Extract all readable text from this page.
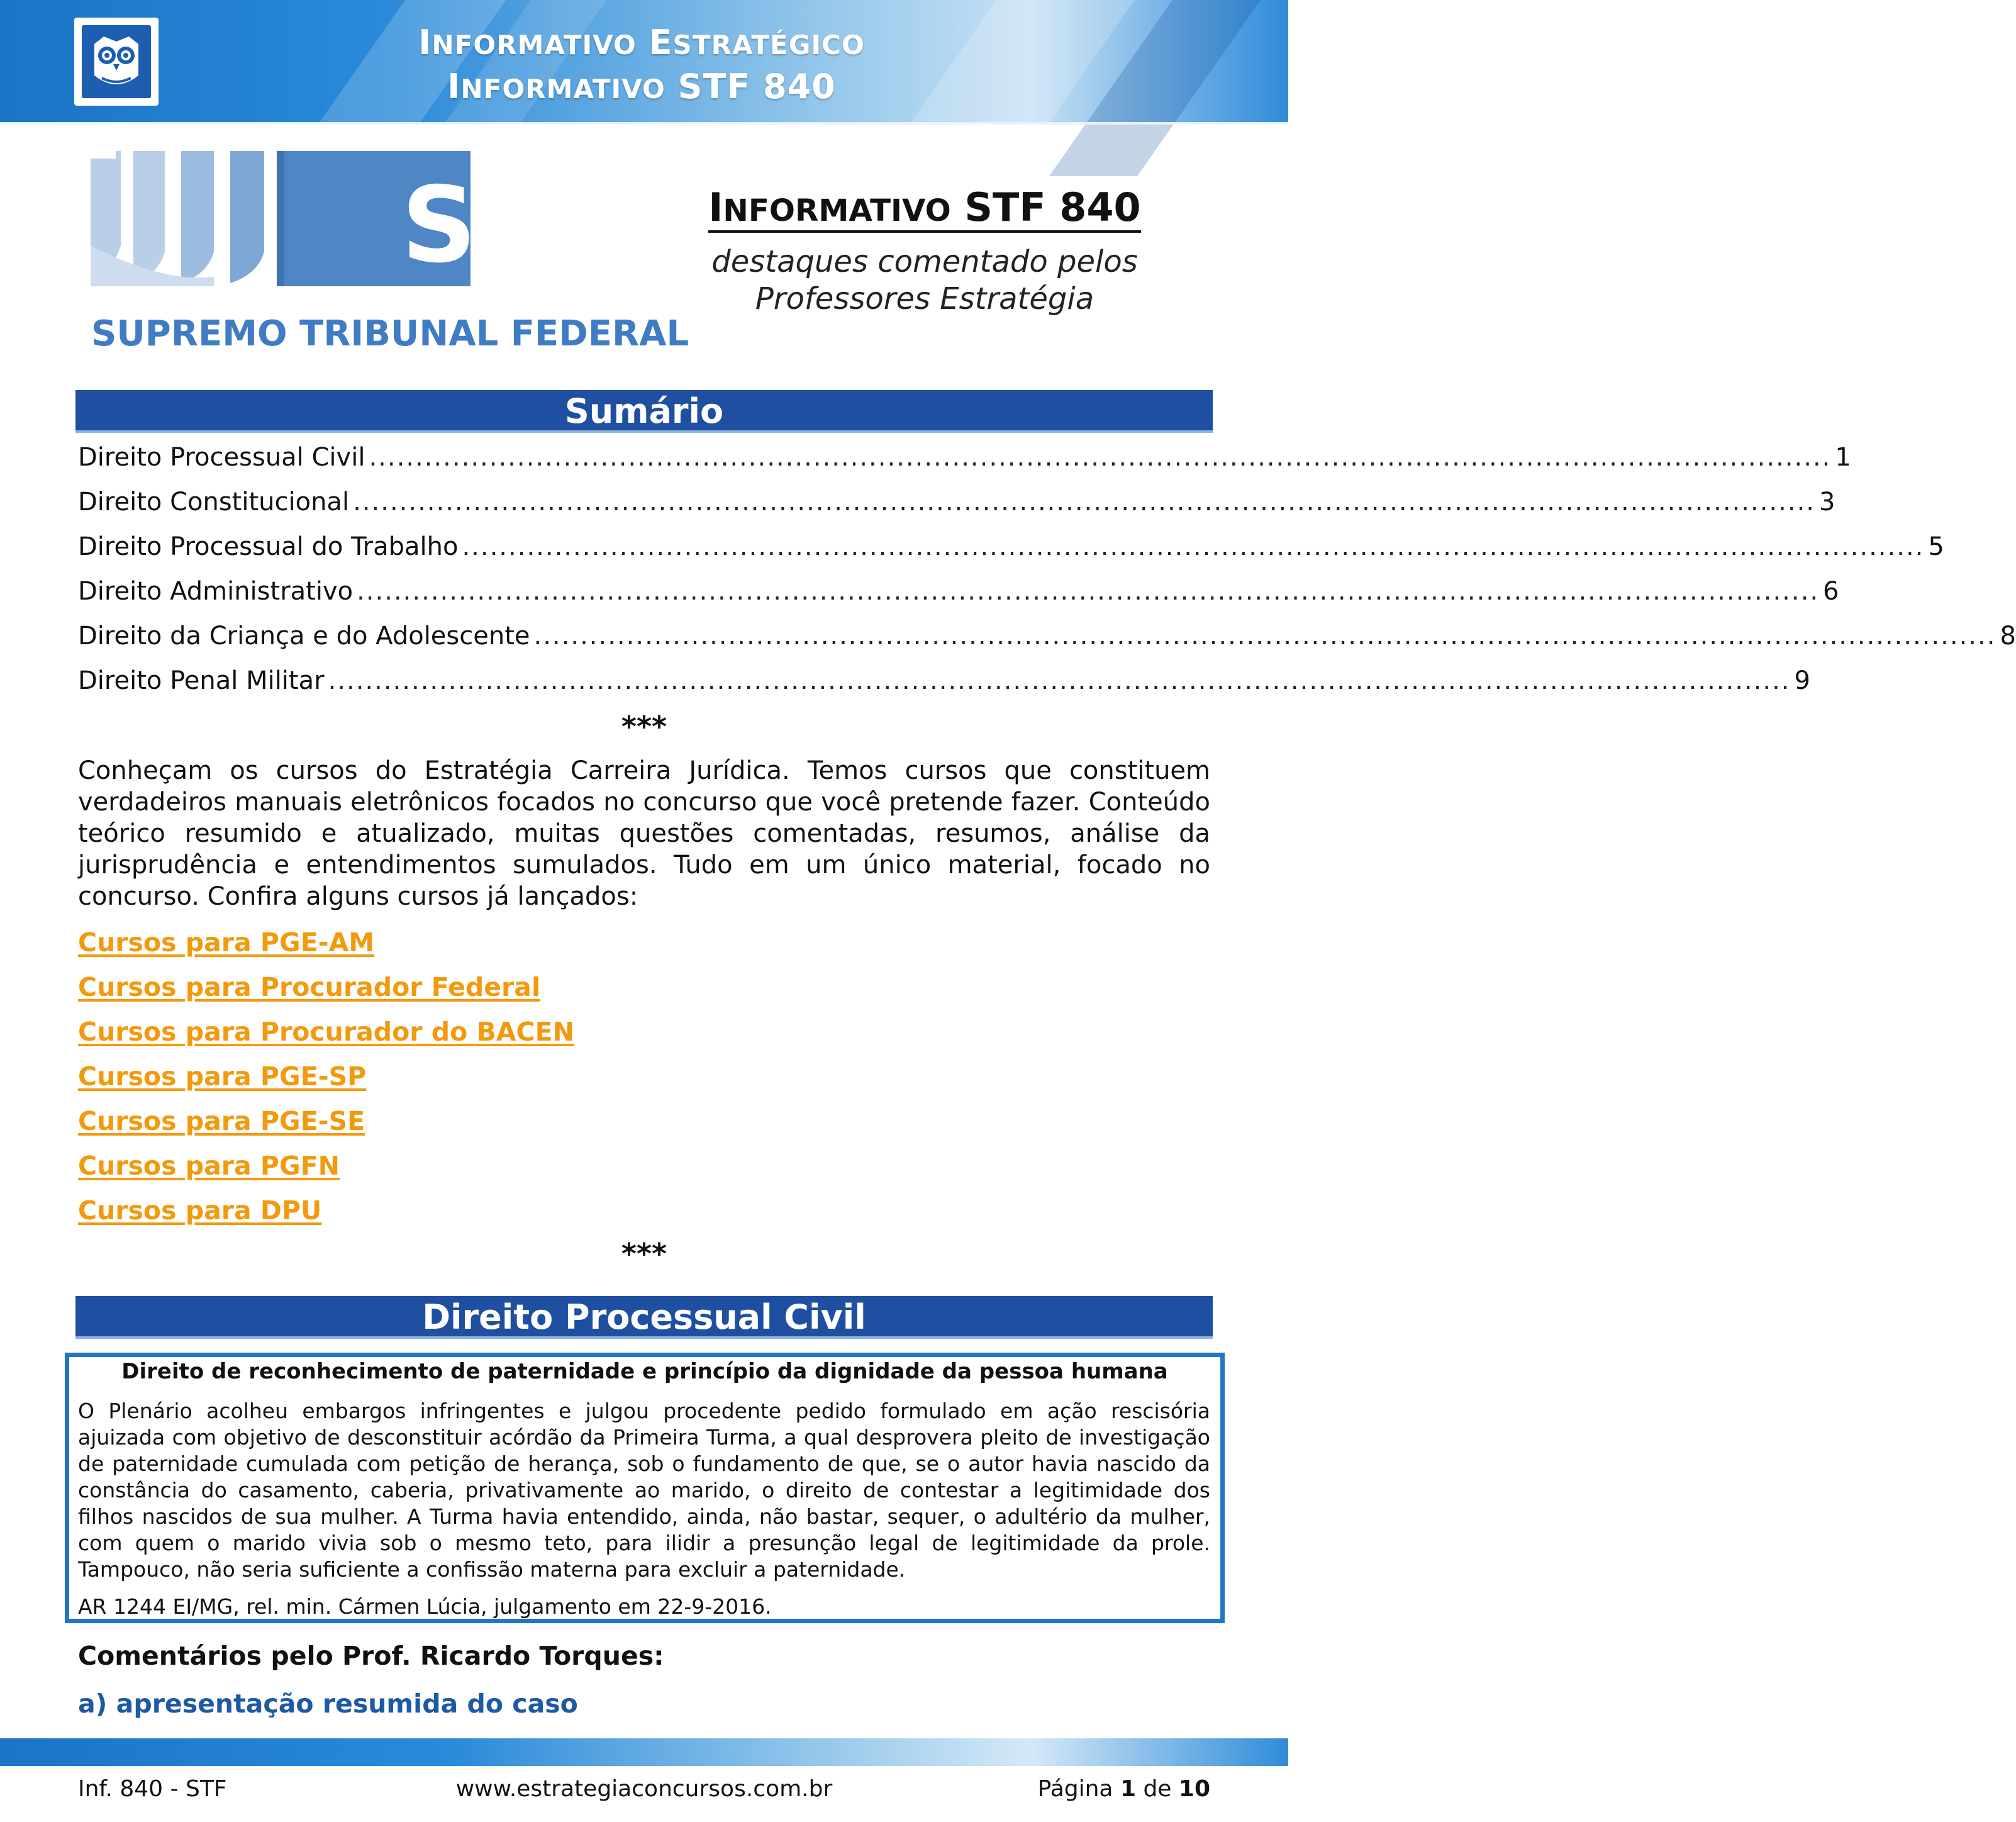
INFORMATIVO ESTRATÉGICO
INFORMATIVO STF 840
STF
SUPREMO TRIBUNAL FEDERAL
INFORMATIVO STF 840
destaques comentado pelos
Professores Estratégia
Sumário
Direito Processual Civil .............................................................................................................................................................. 1
Direito Constitucional .............................................................................................................................................................. 3
Direito Processual do Trabalho .............................................................................................................................................................. 5
Direito Administrativo .............................................................................................................................................................. 6
Direito da Criança e do Adolescente .............................................................................................................................................................. 8
Direito Penal Militar .............................................................................................................................................................. 9
***
Conheçam os cursos do Estratégia Carreira Jurídica. Temos cursos que constituem verdadeiros manuais eletrônicos focados no concurso que você pretende fazer. Conteúdo teórico resumido e atualizado, muitas questões comentadas, resumos, análise da jurisprudência e entendimentos sumulados. Tudo em um único material, focado no concurso. Confira alguns cursos já lançados:
Cursos para PGE-AM
Cursos para Procurador Federal
Cursos para Procurador do BACEN
Cursos para PGE-SP
Cursos para PGE-SE
Cursos para PGFN
Cursos para DPU
***
Direito Processual Civil
Direito de reconhecimento de paternidade e princípio da dignidade da pessoa humana
O Plenário acolheu embargos infringentes e julgou procedente pedido formulado em ação rescisória ajuizada com objetivo de desconstituir acórdão da Primeira Turma, a qual desprovera pleito de investigação de paternidade cumulada com petição de herança, sob o fundamento de que, se o autor havia nascido da constância do casamento, caberia, privativamente ao marido, o direito de contestar a legitimidade dos filhos nascidos de sua mulher. A Turma havia entendido, ainda, não bastar, sequer, o adultério da mulher, com quem o marido vivia sob o mesmo teto, para ilidir a presunção legal de legitimidade da prole. Tampouco, não seria suficiente a confissão materna para excluir a paternidade.
AR 1244 EI/MG, rel. min. Cármen Lúcia, julgamento em 22-9-2016.
Comentários pelo Prof. Ricardo Torques:
a) apresentação resumida do caso
Inf. 840 - STF	www.estrategiaconcursos.com.br	Página 1 de 10
